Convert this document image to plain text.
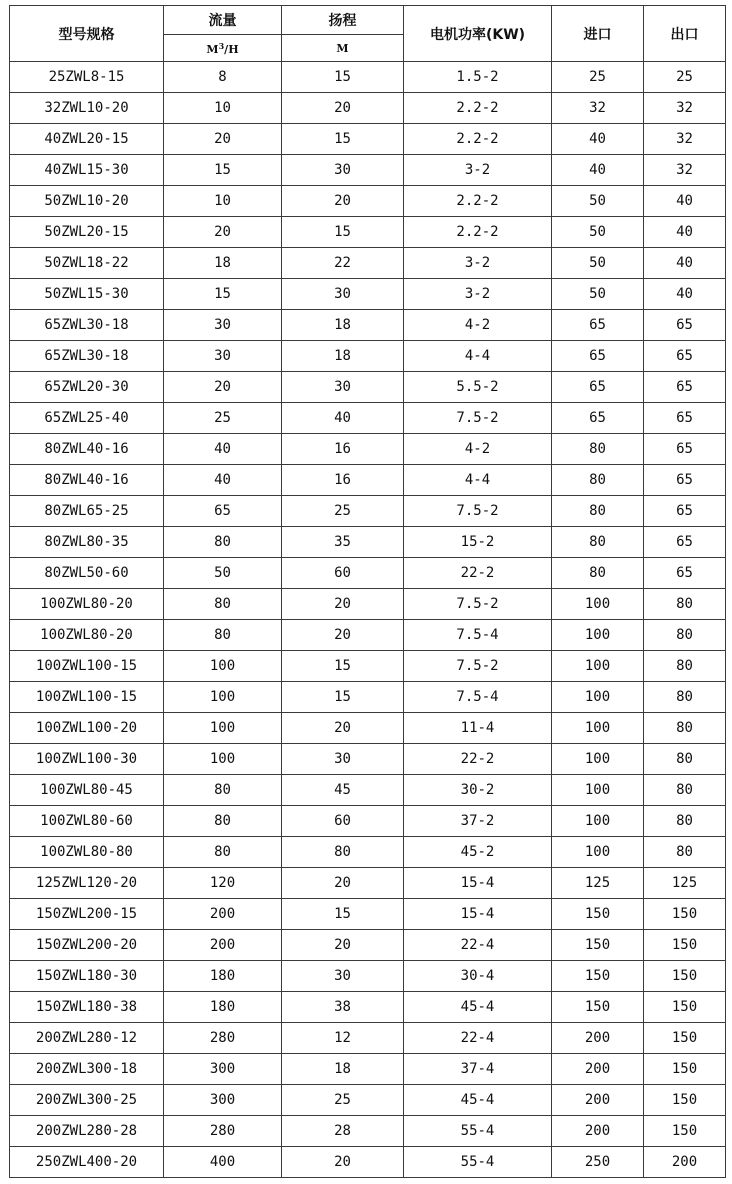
型号规格	流量	扬程	电机功率(KW)	进口	出口
	$M^3/H$	M			
25ZWL8-15	8	15	1.5-2	25	25
32ZWL10-20	10	20	2.2-2	32	32
40ZWL20-15	20	15	2.2-2	40	32
40ZWL15-30	15	30	3-2	40	32
50ZWL10-20	10	20	2.2-2	50	40
50ZWL20-15	20	15	2.2-2	50	40
50ZWL18-22	18	22	3-2	50	40
50ZWL15-30	15	30	3-2	50	40
65ZWL30-18	30	18	4-2	65	65
65ZWL30-18	30	18	4-4	65	65
65ZWL20-30	20	30	5.5-2	65	65
65ZWL25-40	25	40	7.5-2	65	65
80ZWL40-16	40	16	4-2	80	65
80ZWL40-16	40	16	4-4	80	65
80ZWL65-25	65	25	7.5-2	80	65
80ZWL80-35	80	35	15-2	80	65
80ZWL50-60	50	60	22-2	80	65
100ZWL80-20	80	20	7.5-2	100	80
100ZWL80-20	80	20	7.5-4	100	80
100ZWL100-15	100	15	7.5-2	100	80
100ZWL100-15	100	15	7.5-4	100	80
100ZWL100-20	100	20	11-4	100	80
100ZWL100-30	100	30	22-2	100	80
100ZWL80-45	80	45	30-2	100	80
100ZWL80-60	80	60	37-2	100	80
100ZWL80-80	80	80	45-2	100	80
125ZWL120-20	120	20	15-4	125	125
150ZWL200-15	200	15	15-4	150	150
150ZWL200-20	200	20	22-4	150	150
150ZWL180-30	180	30	30-4	150	150
150ZWL180-38	180	38	45-4	150	150
200ZWL280-12	280	12	22-4	200	150
200ZWL300-18	300	18	37-4	200	150
200ZWL300-25	300	25	45-4	200	150
200ZWL280-28	280	28	55-4	200	150
250ZWL400-20	400	20	55-4	250	200
